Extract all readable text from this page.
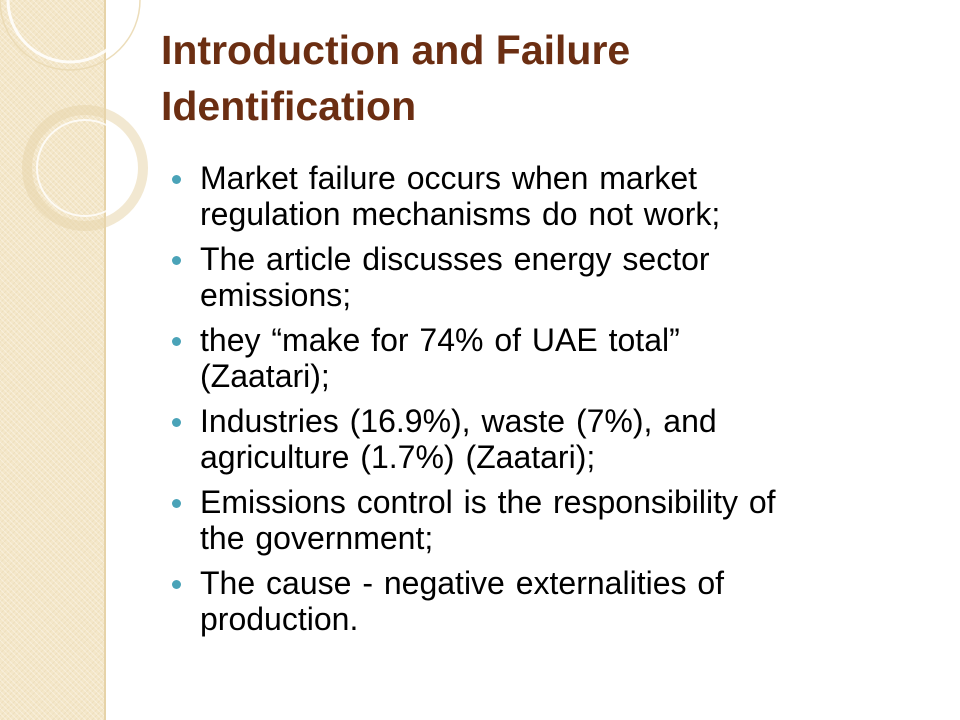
Introduction and Failure
Identification
Market failure occurs when market
regulation mechanisms do not work;
The article discusses energy sector
emissions;
they “make for 74% of UAE total”
(Zaatari);
Industries (16.9%), waste (7%), and
agriculture (1.7%) (Zaatari);
Emissions control is the responsibility of
the government;
The cause - negative externalities of
production.
